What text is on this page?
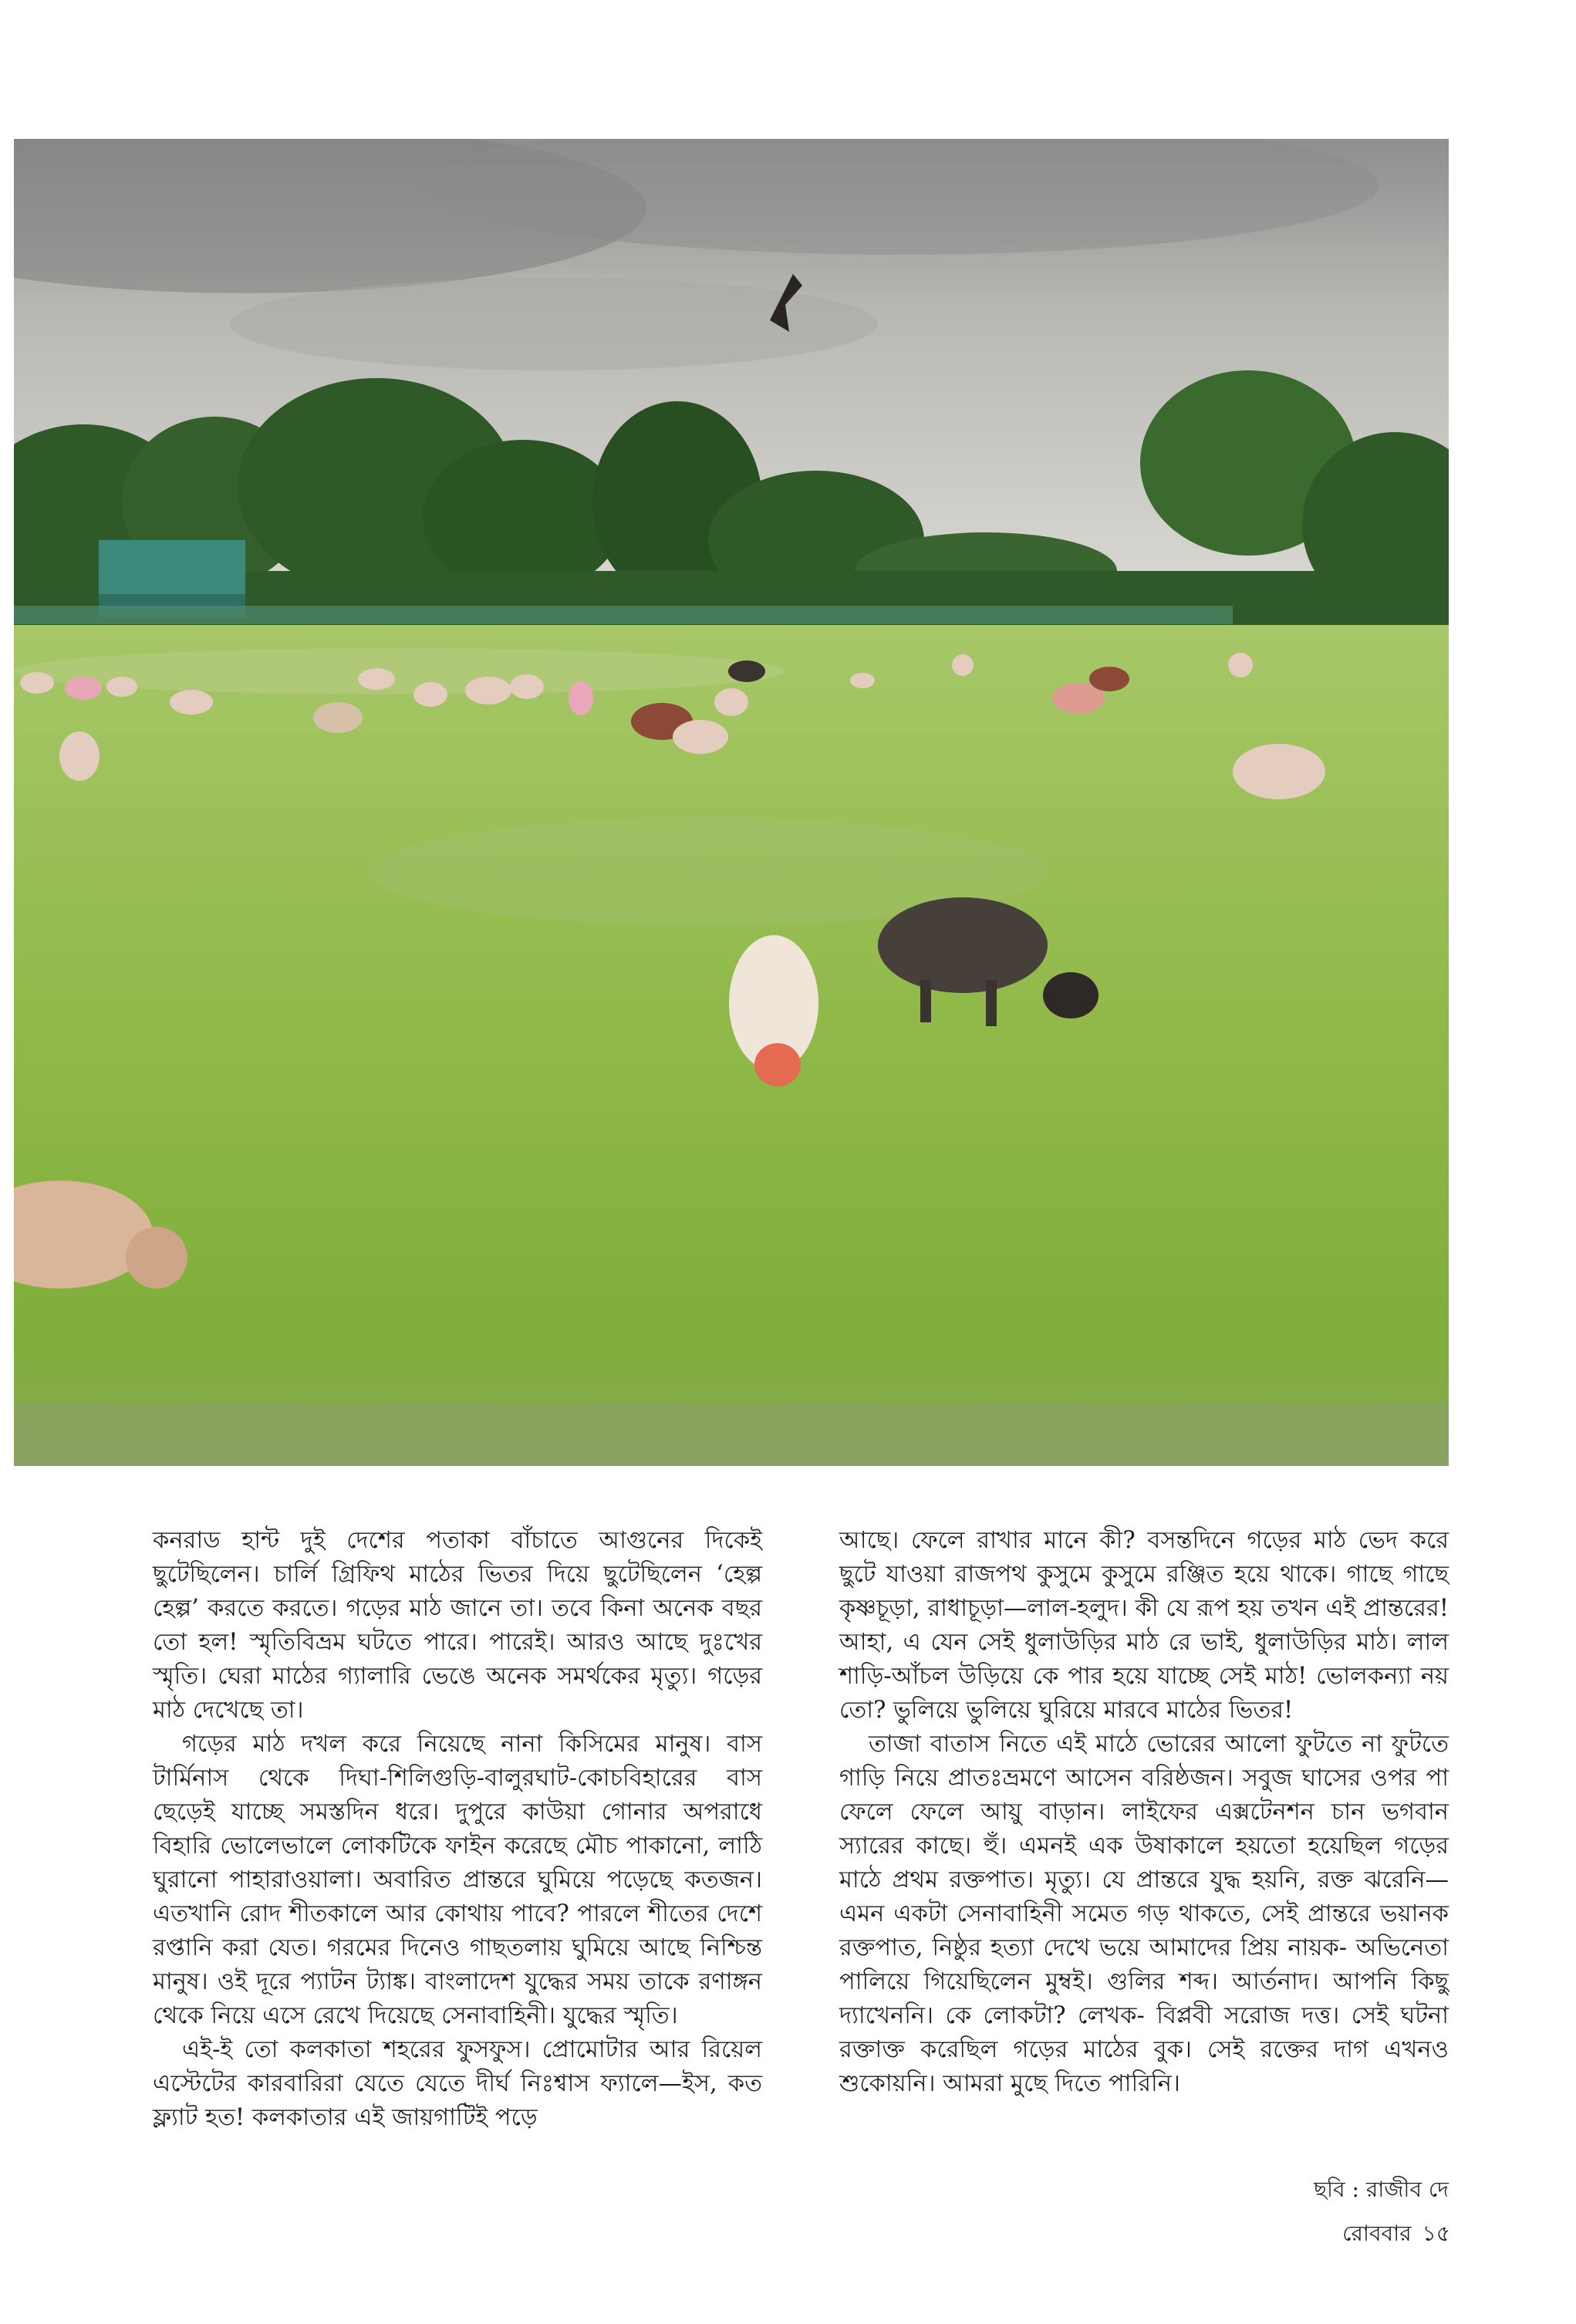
কনরাড হান্ট দুই দেশের পতাকা বাঁচাতে আগুনের দিকেই ছুটেছিলেন। চার্লি গ্রিফিথ মাঠের ভিতর দিয়ে ছুটেছিলেন ‘হেল্প হেল্প’ করতে করতে। গড়ের মাঠ জানে তা। তবে কিনা অনেক বছর তো হল! স্মৃতিবিভ্রম ঘটতে পারে। পারেই। আরও আছে দুঃখের স্মৃতি। ঘেরা মাঠের গ্যালারি ভেঙে অনেক সমর্থকের মৃত্যু। গড়ের মাঠ দেখেছে তা।

গড়ের মাঠ দখল করে নিয়েছে নানা কিসিমের মানুষ। বাস টার্মিনাস থেকে দিঘা-শিলিগুড়ি-বালুরঘাট-কোচবিহারের বাস ছেড়েই যাচ্ছে সমস্তদিন ধরে। দুপুরে কাউয়া গোনার অপরাধে বিহারি ভোলেভালে লোকটিকে ফাইন করেছে মৌচ পাকানো, লাঠি ঘুরানো পাহারাওয়ালা। অবারিত প্রান্তরে ঘুমিয়ে পড়েছে কতজন। এতখানি রোদ শীতকালে আর কোথায় পাবে? পারলে শীতের দেশে রপ্তানি করা যেত। গরমের দিনেও গাছতলায় ঘুমিয়ে আছে নিশ্চিন্ত মানুষ। ওই দূরে প্যাটন ট্যাঙ্ক। বাংলাদেশ যুদ্ধের সময় তাকে রণাঙ্গন থেকে নিয়ে এসে রেখে দিয়েছে সেনাবাহিনী। যুদ্ধের স্মৃতি।

এই-ই তো কলকাতা শহরের ফুসফুস। প্রোমোটার আর রিয়েল এস্টেটের কারবারিরা যেতে যেতে দীর্ঘ নিঃশ্বাস ফ্যালে—ইস, কত ফ্ল্যাট হত! কলকাতার এই জায়গাটিই পড়ে

আছে। ফেলে রাখার মানে কী? বসন্তদিনে গড়ের মাঠ ভেদ করে ছুটে যাওয়া রাজপথ কুসুমে কুসুমে রঞ্জিত হয়ে থাকে। গাছে গাছে কৃষ্ণচূড়া, রাধাচূড়া—লাল-হলুদ। কী যে রূপ হয় তখন এই প্রান্তরের! আহা, এ যেন সেই ধুলাউড়ির মাঠ রে ভাই, ধুলাউড়ির মাঠ। লাল শাড়ি-আঁচল উড়িয়ে কে পার হয়ে যাচ্ছে সেই মাঠ! ভোলকন্যা নয় তো? ভুলিয়ে ভুলিয়ে ঘুরিয়ে মারবে মাঠের ভিতর!

তাজা বাতাস নিতে এই মাঠে ভোরের আলো ফুটতে না ফুটতে গাড়ি নিয়ে প্রাতঃভ্রমণে আসেন বরিষ্ঠজন। সবুজ ঘাসের ওপর পা ফেলে ফেলে আয়ু বাড়ান। লাইফের এক্সটেনশন চান ভগবান স্যারের কাছে। হুঁ। এমনই এক উষাকালে হয়তো হয়েছিল গড়ের মাঠে প্রথম রক্তপাত। মৃত্যু। যে প্রান্তরে যুদ্ধ হয়নি, রক্ত ঝরেনি—এমন একটা সেনাবাহিনী সমেত গড় থাকতে, সেই প্রান্তরে ভয়ানক রক্তপাত, নিষ্ঠুর হত্যা দেখে ভয়ে আমাদের প্রিয় নায়ক- অভিনেতা পালিয়ে গিয়েছিলেন মুম্বই। গুলির শব্দ। আর্তনাদ। আপনি কিছু দ্যাখেননি। কে লোকটা? লেখক- বিপ্লবী সরোজ দত্ত। সেই ঘটনা রক্তাক্ত করেছিল গড়ের মাঠের বুক। সেই রক্তের দাগ এখনও শুকোয়নি। আমরা মুছে দিতে পারিনি।

ছবি : রাজীব দে
রোববার ১৫
